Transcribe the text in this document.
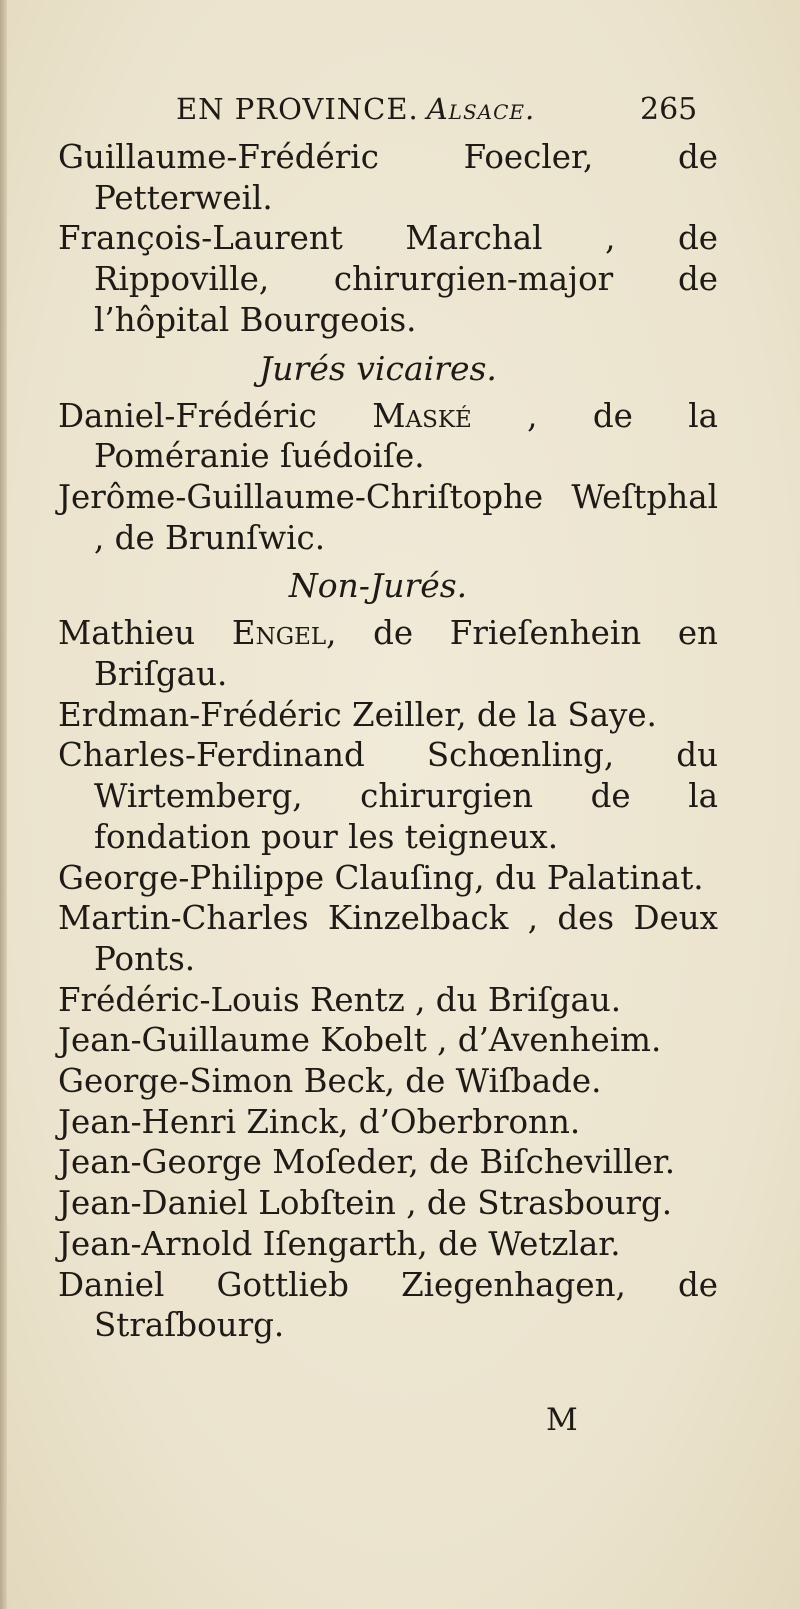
EN PROVINCE. Alſace.	265

Guillaume-Frédéric Foecler, de Petterweil.

François-Laurent Marchal , de Rippoville, chirurgien-major de l’hôpital Bourgeois.

Jurés vicaires.

Daniel-Frédéric Maské , de la Poméranie ſuédoiſe.

Jerôme-Guillaume-Chriſtophe Weſtphal , de Brunſwic.

Non-Jurés.

Mathieu Engel, de Frieſenhein en Briſgau.

Erdman-Frédéric Zeiller, de la Saye.

Charles-Ferdinand Schœnling, du Wirtemberg, chirurgien de la fondation pour les teigneux.

George-Philippe Clauſing, du Palatinat.

Martin-Charles Kinzelback , des Deux Ponts.

Frédéric-Louis Rentz , du Briſgau.

Jean-Guillaume Kobelt , d’Avenheim.

George-Simon Beck, de Wiſbade.

Jean-Henri Zinck, d’Oberbronn.

Jean-George Moſeder, de Biſcheviller.

Jean-Daniel Lobſtein , de Strasbourg.

Jean-Arnold Iſengarth, de Wetzlar.

Daniel Gottlieb Ziegenhagen, de Straſbourg.

M
